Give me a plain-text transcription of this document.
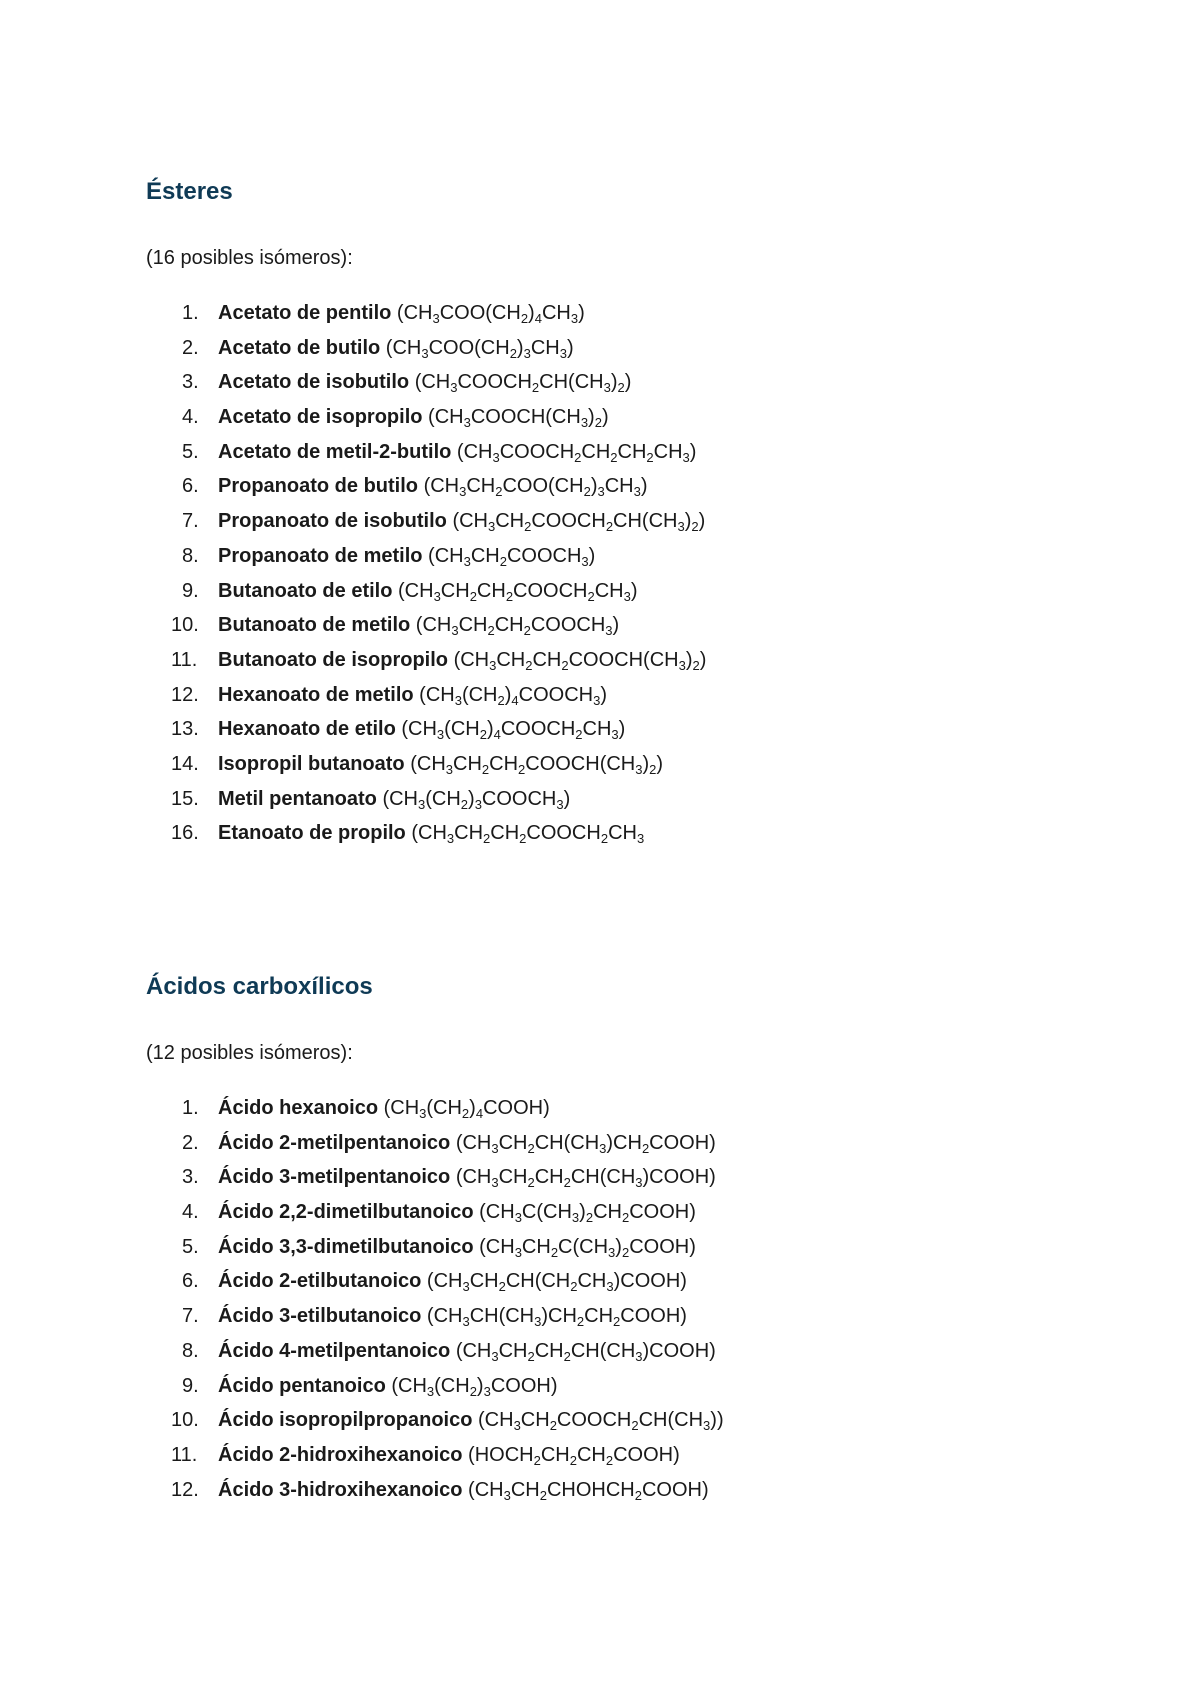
Ésteres

(16 posibles isómeros):

1. Acetato de pentilo $(CH_3COO(CH_2)_4CH_3)$
2. Acetato de butilo $(CH_3COO(CH_2)_3CH_3)$
3. Acetato de isobutilo $(CH_3COOCH_2CH(CH_3)_2)$
4. Acetato de isopropilo $(CH_3COOCH(CH_3)_2)$
5. Acetato de metil-2-butilo $(CH_3COOCH_2CH_2CH_2CH_3)$
6. Propanoato de butilo $(CH_3CH_2COO(CH_2)_3CH_3)$
7. Propanoato de isobutilo $(CH_3CH_2COOCH_2CH(CH_3)_2)$
8. Propanoato de metilo $(CH_3CH_2COOCH_3)$
9. Butanoato de etilo $(CH_3CH_2CH_2COOCH_2CH_3)$
10. Butanoato de metilo $(CH_3CH_2CH_2COOCH_3)$
11. Butanoato de isopropilo $(CH_3CH_2CH_2COOCH(CH_3)_2)$
12. Hexanoato de metilo $(CH_3(CH_2)_4COOCH_3)$
13. Hexanoato de etilo $(CH_3(CH_2)_4COOCH_2CH_3)$
14. Isopropil butanoato $(CH_3CH_2CH_2COOCH(CH_3)_2)$
15. Metil pentanoato $(CH_3(CH_2)_3COOCH_3)$
16. Etanoato de propilo ($CH_3CH_2CH_2COOCH_2CH_3$
Ácidos carboxílicos

(12 posibles isómeros):

1. Ácido hexanoico $(CH_3(CH_2)_4COOH)$
2. Ácido 2-metilpentanoico $(CH_3CH_2CH(CH_3)CH_2COOH)$
3. Ácido 3-metilpentanoico $(CH_3CH_2CH_2CH(CH_3)COOH)$
4. Ácido 2,2-dimetilbutanoico $(CH_3C(CH_3)_2CH_2COOH)$
5. Ácido 3,3-dimetilbutanoico $(CH_3CH_2C(CH_3)_2COOH)$
6. Ácido 2-etilbutanoico $(CH_3CH_2CH(CH_2CH_3)COOH)$
7. Ácido 3-etilbutanoico $(CH_3CH(CH_3)CH_2CH_2COOH)$
8. Ácido 4-metilpentanoico $(CH_3CH_2CH_2CH(CH_3)COOH)$
9. Ácido pentanoico $(CH_3(CH_2)_3COOH)$
10. Ácido isopropilpropanoico $(CH_3CH_2COOCH_2CH(CH_3))$
11. Ácido 2-hidroxihexanoico $(HOCH_2CH_2CH_2COOH)$
12. Ácido 3-hidroxihexanoico $(CH_3CH_2CHOHCH_2COOH)$
